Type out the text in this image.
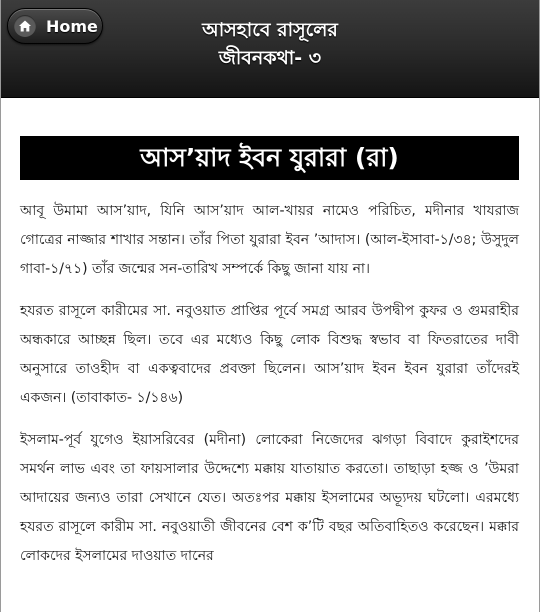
Home	আসহাবে রাসূলের
জীবনকথা- ৩
আস’য়াদ ইবন যুরারা (রা)

আবূ উমামা আস’য়াদ, যিনি আস’য়াদ আল-খায়র নামেও পরিচিত, মদীনার খাযরাজ গোত্রের নাজ্জার শাখার সন্তান। তাঁর পিতা যুরারা ইবন ’আদাস। (আল-ইসাবা-১/৩৪; উসুদুল গাবা-১/৭১) তাঁর জন্মের সন-তারিখ সম্পর্কে কিছু জানা যায় না।

হযরত রাসূলে কারীমের সা. নবুওয়াত প্রাপ্তির পূর্বে সমগ্র আরব উপদ্বীপ কুফর ও গুমরাহীর অন্ধকারে আচ্ছন্ন ছিল। তবে এর মধ্যেও কিছু লোক বিশুদ্ধ স্বভাব বা ফিতরাতের দাবী অনুসারে তাওহীদ বা একত্ববাদের প্রবক্তা ছিলেন। আস’য়াদ ইবন ইবন যুরারা তাঁদেরই একজন। (তাবাকাত- ১/১৪৬)

ইসলাম-পূর্ব যুগেও ইয়াসরিবের (মদীনা) লোকেরা নিজেদের ঝগড়া বিবাদে কুরাইশদের সমর্থন লাভ এবং তা ফায়সালার উদ্দেশ্যে মক্কায় যাতায়াত করতো। তাছাড়া হজ্জ ও ’উমরা আদায়ের জন্যও তারা সেখানে যেত। অতঃপর মক্কায় ইসলামের অভ্যূদয় ঘটলো। এরমধ্যে হযরত রাসূলে কারীম সা. নবুওয়াতী জীবনের বেশ ক’টি বছর অতিবাহিতও করেছেন। মক্কার লোকদের ইসলামের দাওয়াত দানের
